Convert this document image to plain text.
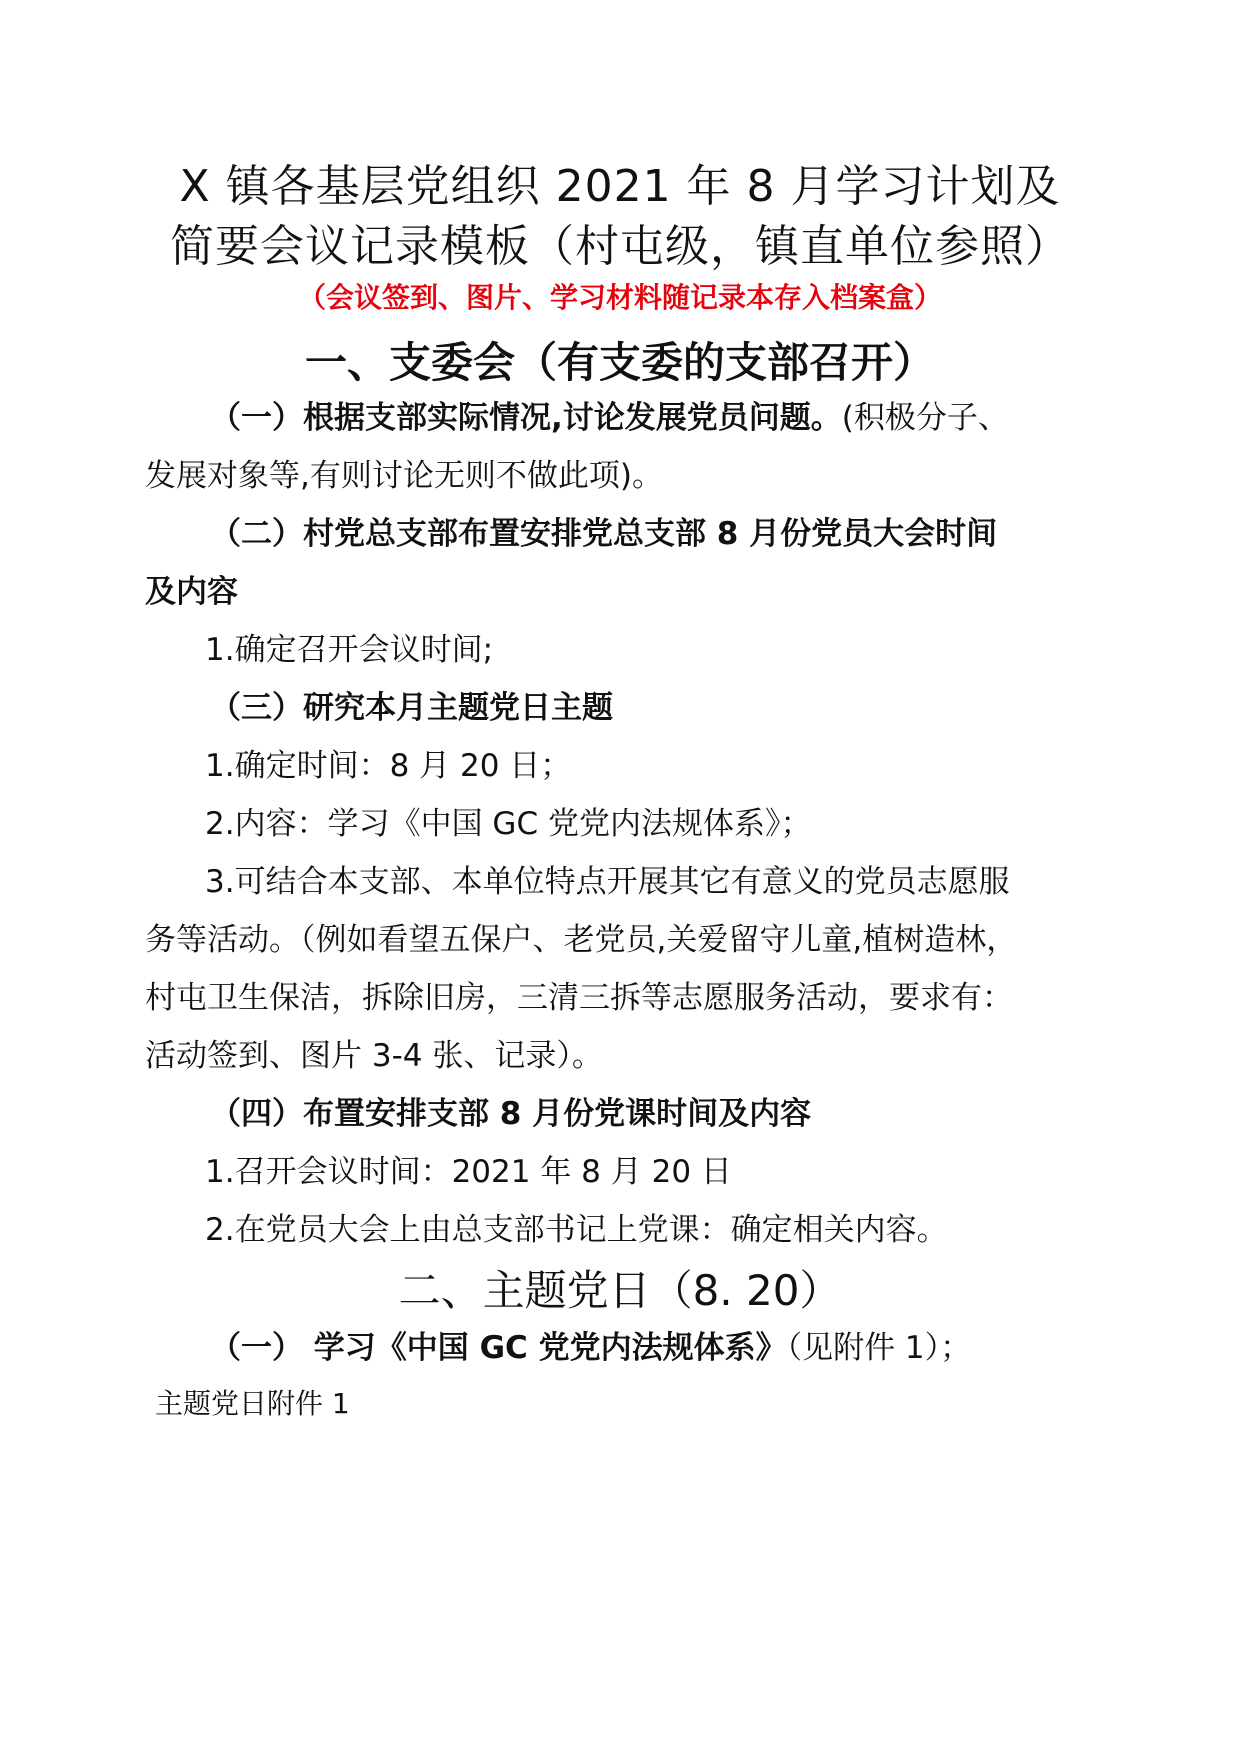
X 镇各基层党组织 2021 年 8 月学习计划及
简要会议记录模板（村屯级，镇直单位参照）
（会议签到、图片、学习材料随记录本存入档案盒）
一、支委会（有支委的支部召开）
（一）根据支部实际情况,讨论发展党员问题。(积极分子、
发展对象等,有则讨论无则不做此项)。
（二）村党总支部布置安排党总支部 8 月份党员大会时间
及内容
1.确定召开会议时间;
（三）研究本月主题党日主题
1.确定时间：8 月 20 日；
2.内容：学习《中国 GC 党党内法规体系》；
3.可结合本支部、本单位特点开展其它有意义的党员志愿服
务等活动。（例如看望五保户、老党员,关爱留守儿童,植树造林，
村屯卫生保洁，拆除旧房，三清三拆等志愿服务活动，要求有：
活动签到、图片 3-4 张、记录）。
（四）布置安排支部 8 月份党课时间及内容
1.召开会议时间：2021 年 8 月 20 日
2.在党员大会上由总支部书记上党课：确定相关内容。
二、主题党日（8. 20）
（一） 学习《中国 GC 党党内法规体系》（见附件 1）；
主题党日附件 1
